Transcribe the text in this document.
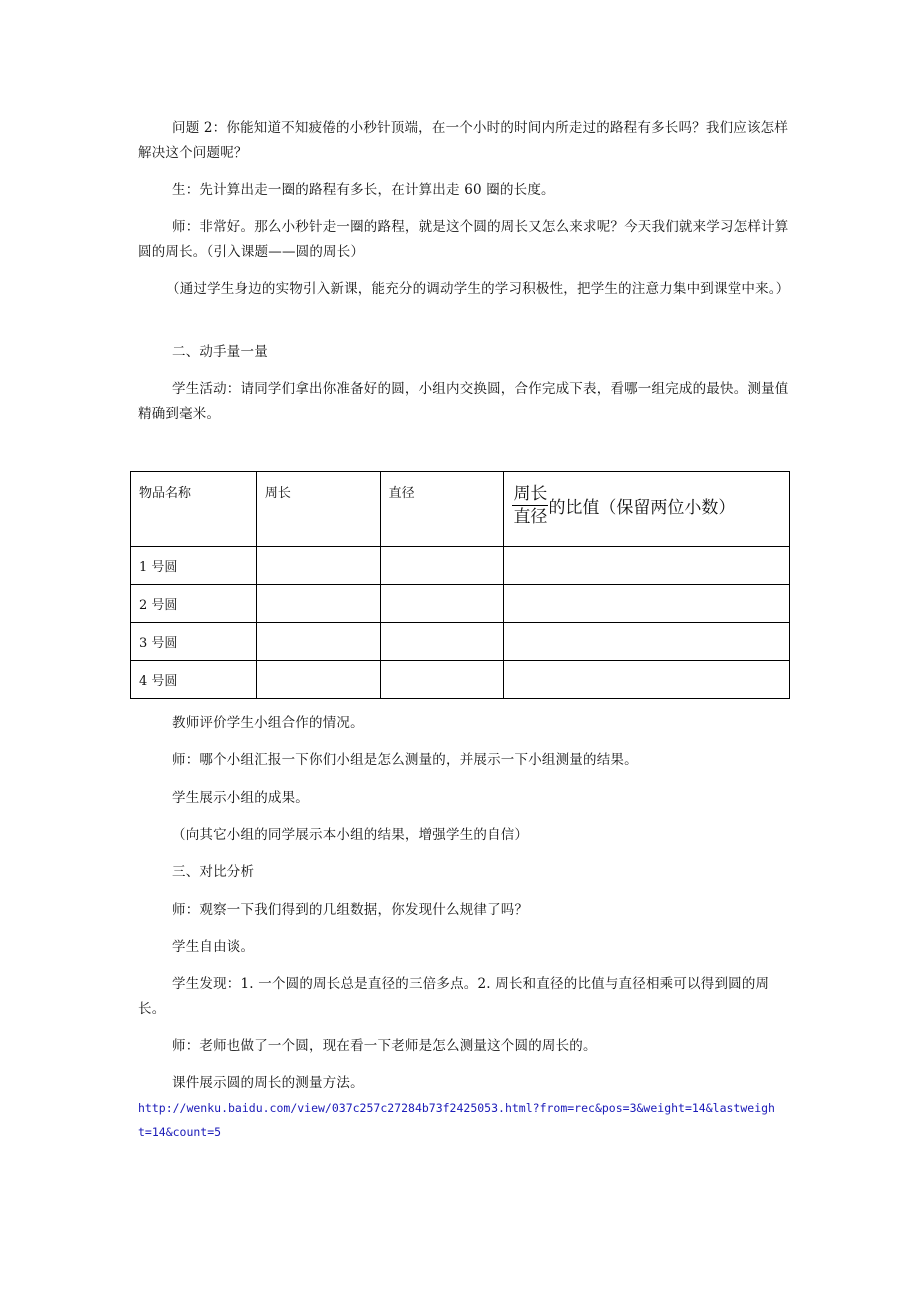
问题 2：你能知道不知疲倦的小秒针顶端，在一个小时的时间内所走过的路程有多长吗？我们应该怎样解决这个问题呢？

生：先计算出走一圈的路程有多长，在计算出走 60 圈的长度。

师：非常好。那么小秒针走一圈的路程，就是这个圆的周长又怎么来求呢？今天我们就来学习怎样计算圆的周长。（引入课题——圆的周长）

（通过学生身边的实物引入新课，能充分的调动学生的学习积极性，把学生的注意力集中到课堂中来。）

二、动手量一量

学生活动：请同学们拿出你准备好的圆，小组内交换圆，合作完成下表，看哪一组完成的最快。测量值精确到毫米。

物品名称	周长	直径	$\frac{\text{周长}}{\text{直径}}$ 的比值（保留两位小数）
1 号圆			
2 号圆			
3 号圆			
4 号圆			

教师评价学生小组合作的情况。

师：哪个小组汇报一下你们小组是怎么测量的，并展示一下小组测量的结果。

学生展示小组的成果。

（向其它小组的同学展示本小组的结果，增强学生的自信）

三、对比分析

师：观察一下我们得到的几组数据，你发现什么规律了吗？

学生自由谈。

学生发现：1. 一个圆的周长总是直径的三倍多点。2. 周长和直径的比值与直径相乘可以得到圆的周长。

师：老师也做了一个圆，现在看一下老师是怎么测量这个圆的周长的。

课件展示圆的周长的测量方法。

http://wenku.baidu.com/view/037c257c27284b73f2425053.html?from=rec&pos=3&weight=14&lastweight=14&count=5
